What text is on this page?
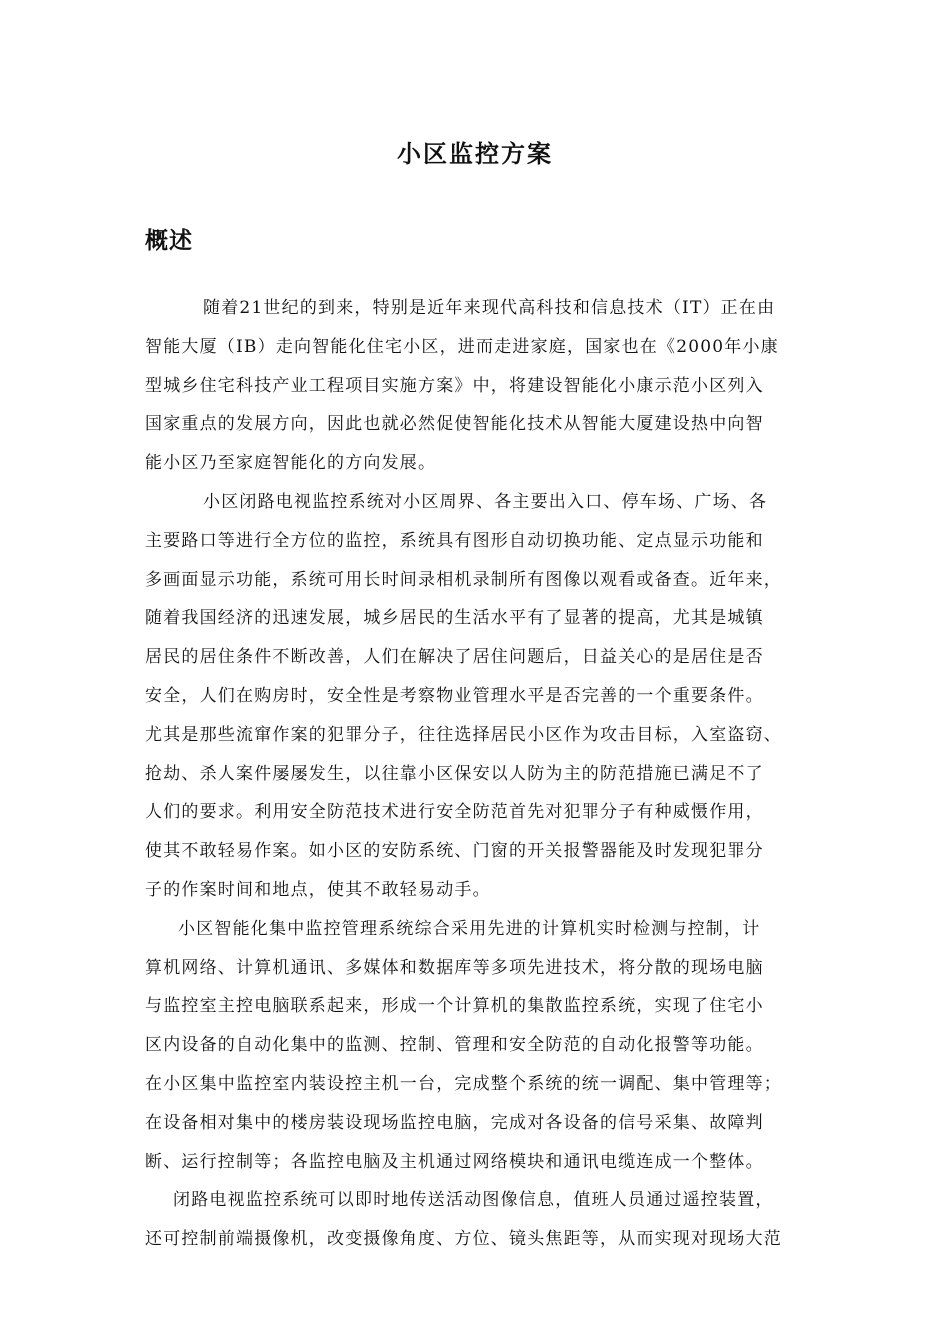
小区监控方案
概述
随着21世纪的到来，特别是近年来现代高科技和信息技术（IT）正在由
智能大厦（IB）走向智能化住宅小区，进而走进家庭，国家也在《2000年小康
型城乡住宅科技产业工程项目实施方案》中，将建设智能化小康示范小区列入
国家重点的发展方向，因此也就必然促使智能化技术从智能大厦建设热中向智
能小区乃至家庭智能化的方向发展。
小区闭路电视监控系统对小区周界、各主要出入口、停车场、广场、各
主要路口等进行全方位的监控，系统具有图形自动切换功能、定点显示功能和
多画面显示功能，系统可用长时间录相机录制所有图像以观看或备查。近年来，
随着我国经济的迅速发展，城乡居民的生活水平有了显著的提高，尤其是城镇
居民的居住条件不断改善，人们在解决了居住问题后，日益关心的是居住是否
安全，人们在购房时，安全性是考察物业管理水平是否完善的一个重要条件。
尤其是那些流窜作案的犯罪分子，往往选择居民小区作为攻击目标，入室盗窃、
抢劫、杀人案件屡屡发生，以往靠小区保安以人防为主的防范措施已满足不了
人们的要求。利用安全防范技术进行安全防范首先对犯罪分子有种威慑作用，
使其不敢轻易作案。如小区的安防系统、门窗的开关报警器能及时发现犯罪分
子的作案时间和地点，使其不敢轻易动手。
小区智能化集中监控管理系统综合采用先进的计算机实时检测与控制，计
算机网络、计算机通讯、多媒体和数据库等多项先进技术，将分散的现场电脑
与监控室主控电脑联系起来，形成一个计算机的集散监控系统，实现了住宅小
区内设备的自动化集中的监测、控制、管理和安全防范的自动化报警等功能。
在小区集中监控室内装设控主机一台，完成整个系统的统一调配、集中管理等；
在设备相对集中的楼房装设现场监控电脑，完成对各设备的信号采集、故障判
断、运行控制等；各监控电脑及主机通过网络模块和通讯电缆连成一个整体。
闭路电视监控系统可以即时地传送活动图像信息，值班人员通过遥控装置，
还可控制前端摄像机，改变摄像角度、方位、镜头焦距等，从而实现对现场大范
